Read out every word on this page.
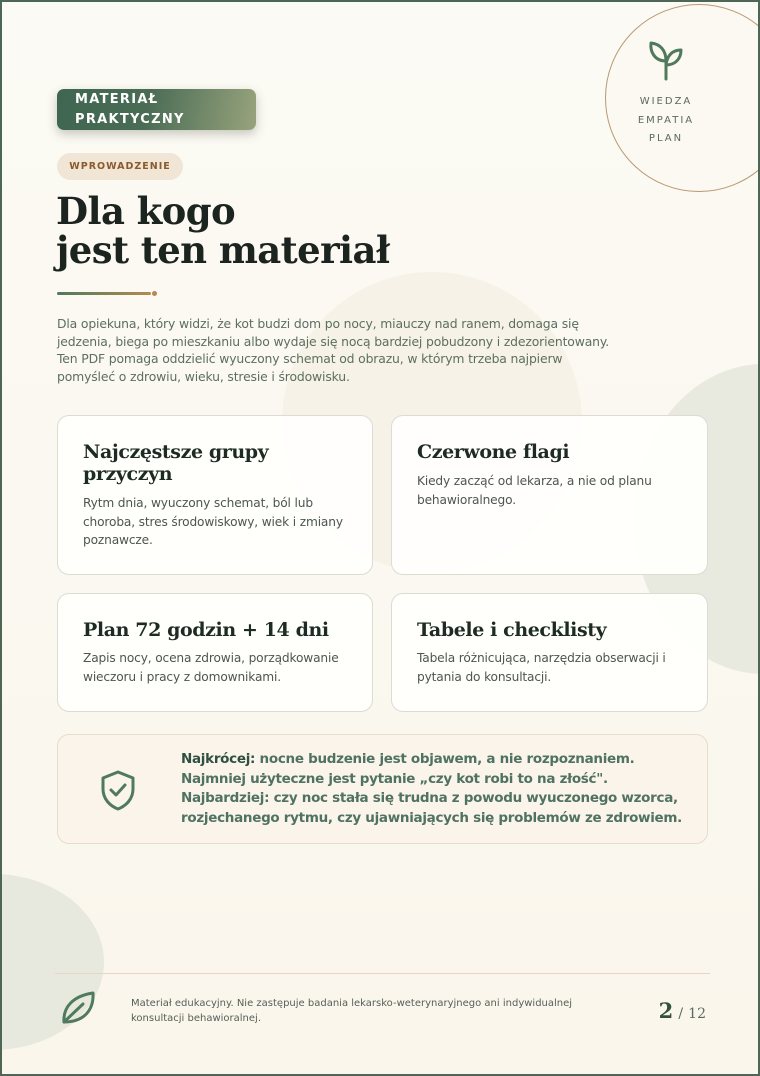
WIEDZA
EMPATIA
PLAN
MATERIAŁ PRAKTYCZNY
WPROWADZENIE
Dla kogo
jest ten materiał

Dla opiekuna, który widzi, że kot budzi dom po nocy, miauczy nad ranem, domaga się jedzenia, biega po mieszkaniu albo wydaje się nocą bardziej pobudzony i zdezorientowany. Ten PDF pomaga oddzielić wyuczony schemat od obrazu, w którym trzeba najpierw pomyśleć o zdrowiu, wieku, stresie i środowisku.

Najczęstsze grupy przyczyn

Rytm dnia, wyuczony schemat, ból lub choroba, stres środowiskowy, wiek i zmiany poznawcze.

Czerwone flagi

Kiedy zacząć od lekarza, a nie od planu behawioralnego.

Plan 72 godzin + 14 dni

Zapis nocy, ocena zdrowia, porządkowanie wieczoru i pracy z domownikami.

Tabele i checklisty

Tabela różnicująca, narzędzia obserwacji i pytania do konsultacji.

Najkrócej: nocne budzenie jest objawem, a nie rozpoznaniem. Najmniej użyteczne jest pytanie „czy kot robi to na złość". Najbardziej: czy noc stała się trudna z powodu wyuczonego wzorca, rozjechanego rytmu, czy ujawniających się problemów ze zdrowiem.

Materiał edukacyjny. Nie zastępuje badania lekarsko-weterynaryjnego ani indywidualnej konsultacji behawioralnej.	2 / 12
